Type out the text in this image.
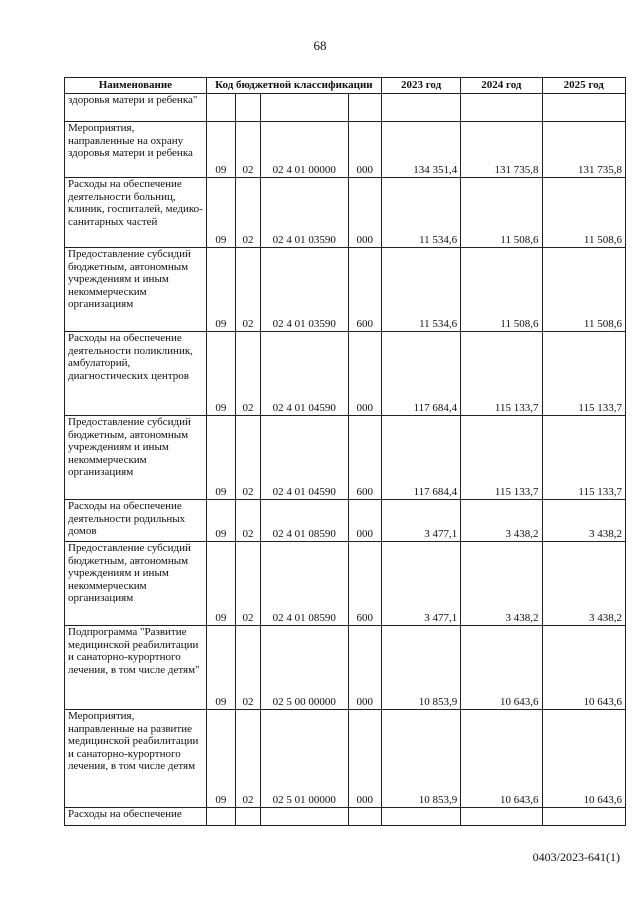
68
Наименование	Код бюджетной классификации				2023 год	2024 год	2025 год
здоровья матери и ребенка"							
Мероприятия, направленные на охрану здоровья матери и ребенка	09	02	02 4 01 00000	000	134 351,4	131 735,8	131 735,8
Расходы на обеспечение деятельности больниц, клиник, госпиталей, медико-санитарных частей	09	02	02 4 01 03590	000	11 534,6	11 508,6	11 508,6
Предоставление субсидий бюджетным, автономным учреждениям и иным некоммерческим организациям	09	02	02 4 01 03590	600	11 534,6	11 508,6	11 508,6
Расходы на обеспечение деятельности поликлиник, амбулаторий, диагностических центров	09	02	02 4 01 04590	000	117 684,4	115 133,7	115 133,7
Предоставление субсидий бюджетным, автономным учреждениям и иным некоммерческим организациям	09	02	02 4 01 04590	600	117 684,4	115 133,7	115 133,7
Расходы на обеспечение деятельности родильных домов	09	02	02 4 01 08590	000	3 477,1	3 438,2	3 438,2
Предоставление субсидий бюджетным, автономным учреждениям и иным некоммерческим организациям	09	02	02 4 01 08590	600	3 477,1	3 438,2	3 438,2
Подпрограмма "Развитие медицинской реабилитации и санаторно-курортного лечения, в том числе детям"	09	02	02 5 00 00000	000	10 853,9	10 643,6	10 643,6
Мероприятия, направленные на развитие медицинской реабилитации и санаторно-курортного лечения, в том числе детям	09	02	02 5 01 00000	000	10 853,9	10 643,6	10 643,6
Расходы на обеспечение							
0403/2023-641(1)
